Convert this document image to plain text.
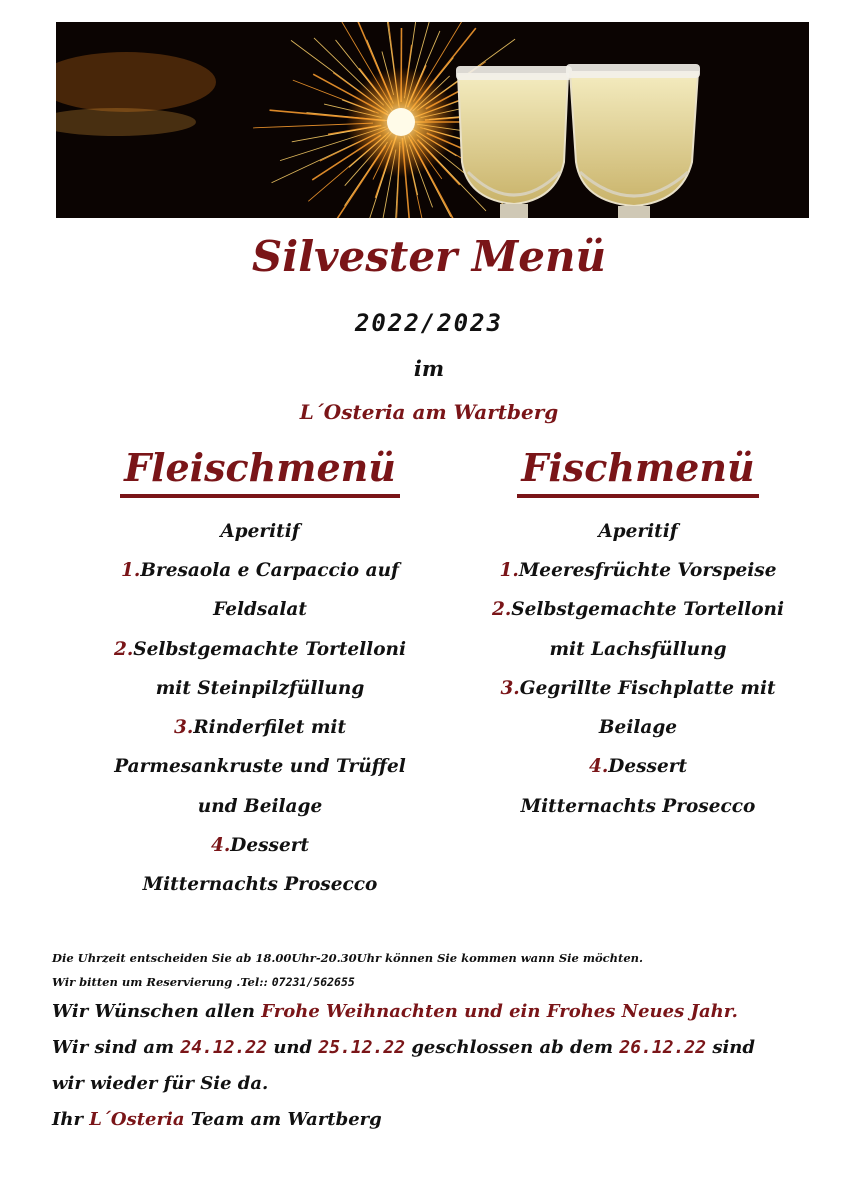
Silvester Menü
2022/2023
im
L´Osteria am Wartberg
Fleischmenü
Aperitif
1.Bresaola e Carpaccio auf
Feldsalat
2.Selbstgemachte Tortelloni
mit Steinpilzfüllung
3.Rinderfilet mit
Parmesankruste und Trüffel
und Beilage
4.Dessert
Mitternachts Prosecco
Fischmenü
Aperitif
1.Meeresfrüchte Vorspeise
2.Selbstgemachte Tortelloni
mit Lachsfüllung
3.Gegrillte Fischplatte mit
Beilage
4.Dessert
Mitternachts Prosecco
Die Uhrzeit entscheiden Sie ab 18.00Uhr-20.30Uhr können Sie kommen wann Sie möchten.
Wir bitten um Reservierung .Tel:: 07231/562655
Wir Wünschen allen Frohe Weihnachten und ein Frohes Neues Jahr.
Wir sind am 24.12.22 und 25.12.22 geschlossen ab dem 26.12.22 sind
wir wieder für Sie da.
Ihr L´Osteria Team am Wartberg
